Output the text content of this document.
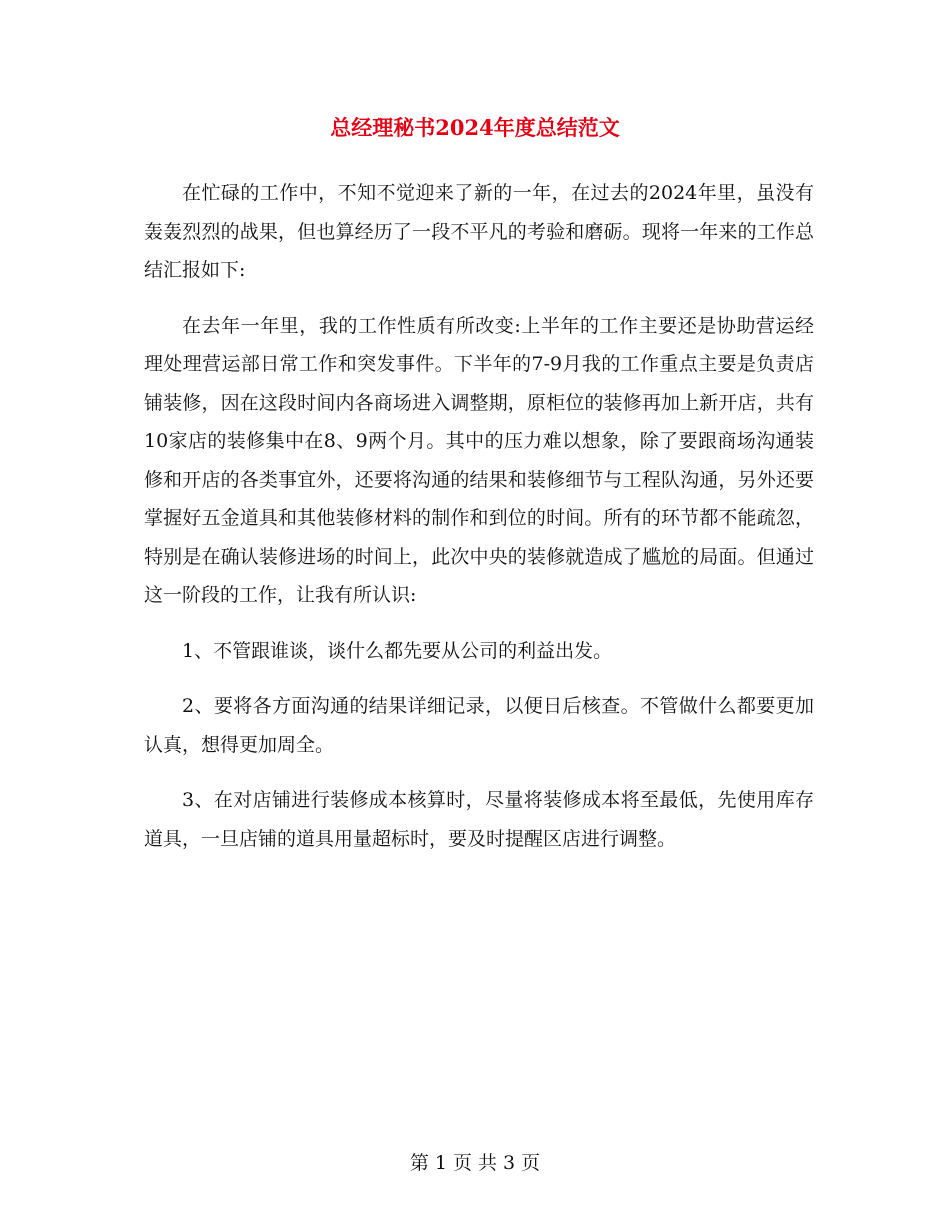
总经理秘书2024年度总结范文

在忙碌的工作中，不知不觉迎来了新的一年，在过去的2024年里，虽没有轰轰烈烈的战果，但也算经历了一段不平凡的考验和磨砺。现将一年来的工作总结汇报如下:

在去年一年里，我的工作性质有所改变:上半年的工作主要还是协助营运经理处理营运部日常工作和突发事件。下半年的7-9月我的工作重点主要是负责店铺装修，因在这段时间内各商场进入调整期，原柜位的装修再加上新开店，共有10家店的装修集中在8、9两个月。其中的压力难以想象，除了要跟商场沟通装修和开店的各类事宜外，还要将沟通的结果和装修细节与工程队沟通，另外还要掌握好五金道具和其他装修材料的制作和到位的时间。所有的环节都不能疏忽，特别是在确认装修进场的时间上，此次中央的装修就造成了尴尬的局面。但通过这一阶段的工作，让我有所认识:

1、不管跟谁谈，谈什么都先要从公司的利益出发。

2、要将各方面沟通的结果详细记录，以便日后核查。不管做什么都要更加认真，想得更加周全。

3、在对店铺进行装修成本核算时，尽量将装修成本将至最低，先使用库存道具，一旦店铺的道具用量超标时，要及时提醒区店进行调整。

第 1 页 共 3 页
